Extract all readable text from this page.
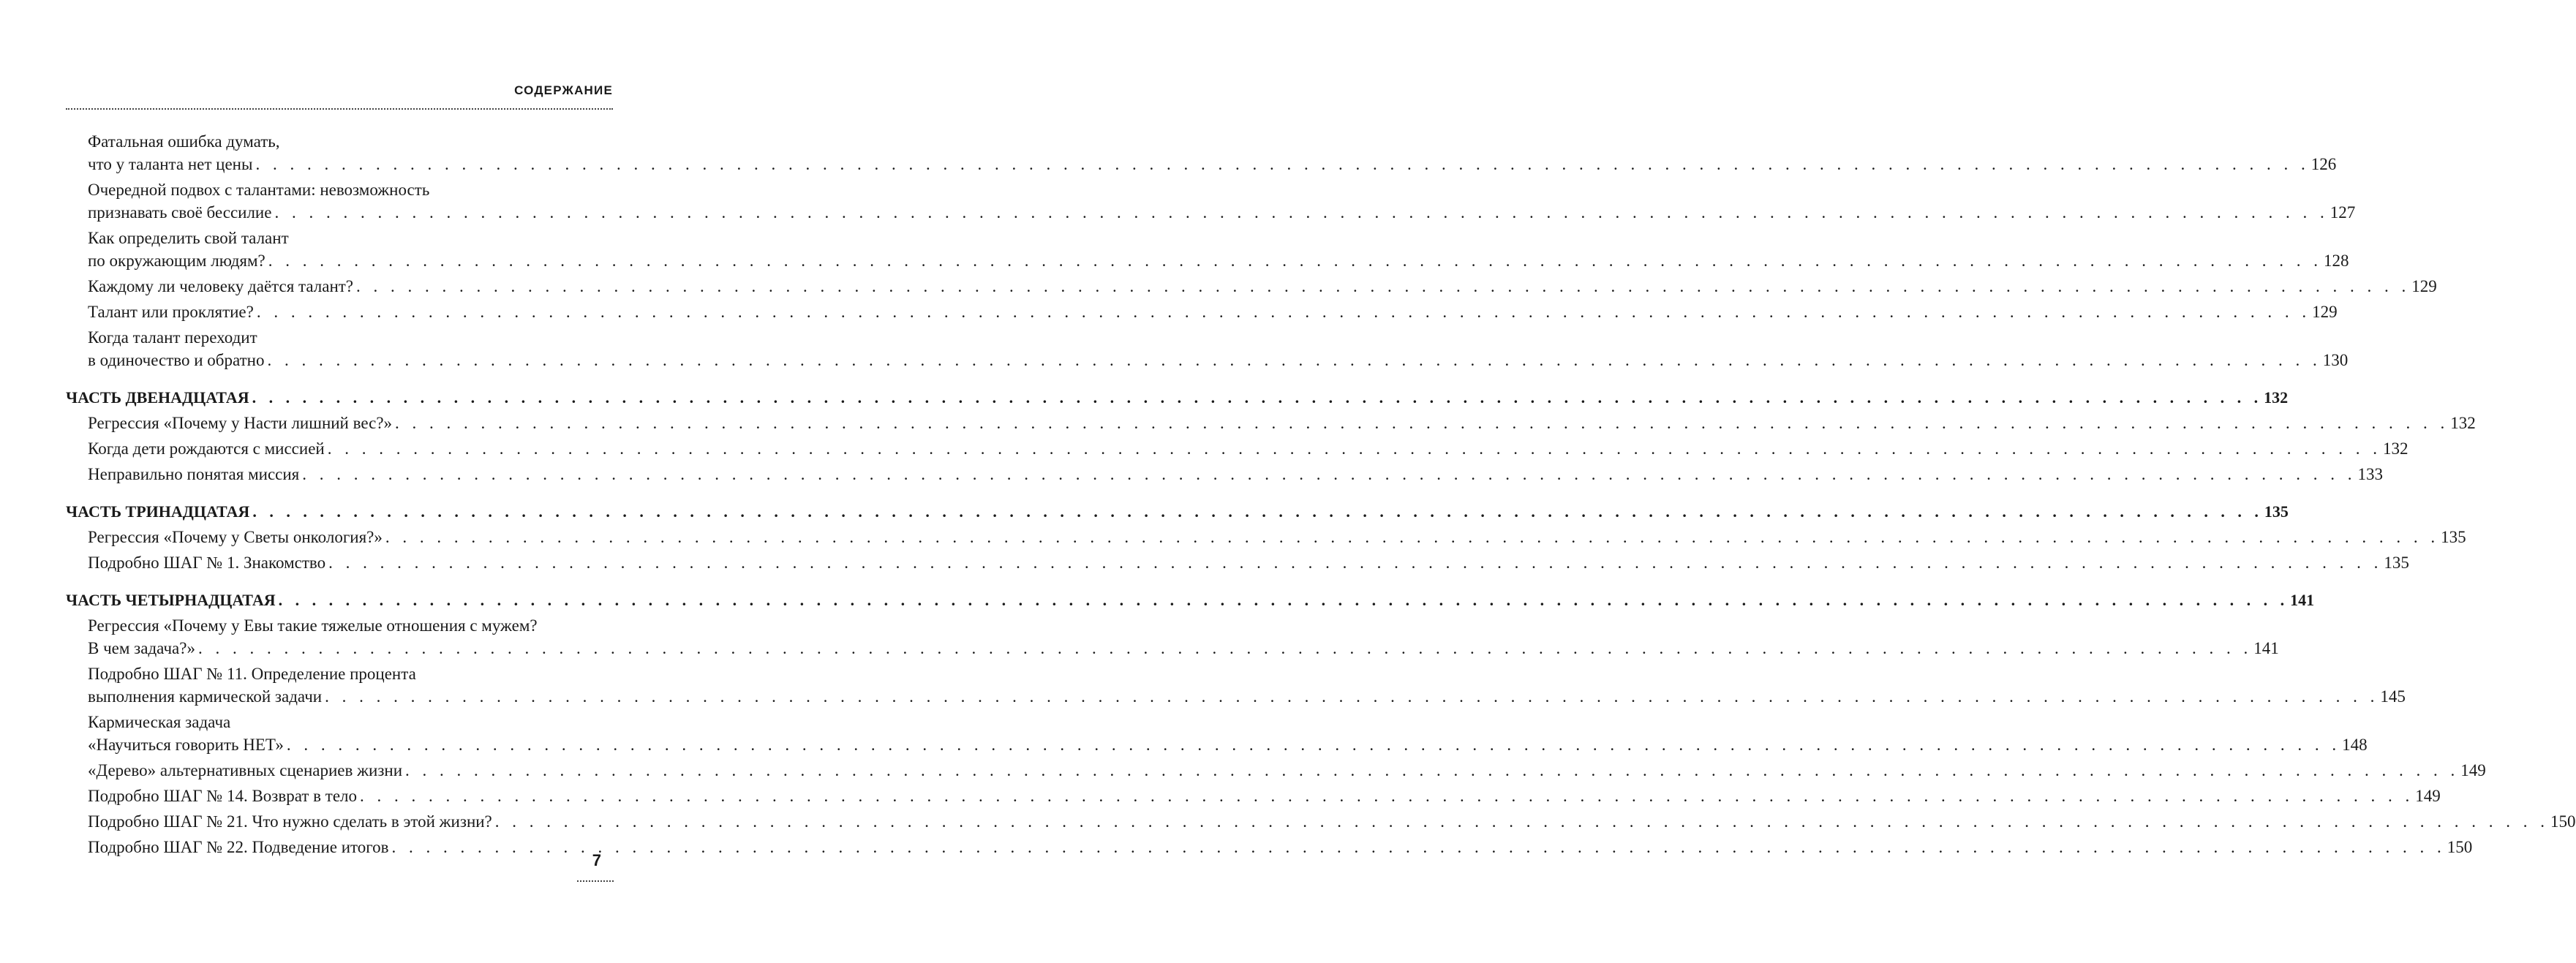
СОДЕРЖАНИЕ
Фатальная ошибка думать,
что у таланта нет цены . . . . . . . . . . . . . . . . . . . . . . . . . . . . . . . . . . . . . . . . . . . . . . . . . . . . . . . . . . . . . . . . . . . . . . . . . . . . . . . . . . . . . . . . . . . . . . . . . . . . . . . . . . . . . . . . . . . . . . . . 126
Очередной подвох с талантами: невозможность
признавать своё бессилие . . . . . . . . . . . . . . . . . . . . . . . . . . . . . . . . . . . . . . . . . . . . . . . . . . . . . . . . . . . . . . . . . . . . . . . . . . . . . . . . . . . . . . . . . . . . . . . . . . . . . . . . . . . . . . . . . . . . . . . . 127
Как определить свой талант
по окружающим людям? . . . . . . . . . . . . . . . . . . . . . . . . . . . . . . . . . . . . . . . . . . . . . . . . . . . . . . . . . . . . . . . . . . . . . . . . . . . . . . . . . . . . . . . . . . . . . . . . . . . . . . . . . . . . . . . . . . . . . . . . 128
Каждому ли человеку даётся талант? . . . . . . . . . . . . . . . . . . . . . . . . . . . . . . . . . . . . . . . . . . . . . . . . . . . . . . . . . . . . . . . . . . . . . . . . . . . . . . . . . . . . . . . . . . . . . . . . . . . . . . . . . . . . . . . . . . . . . . . . 129
Талант или проклятие? . . . . . . . . . . . . . . . . . . . . . . . . . . . . . . . . . . . . . . . . . . . . . . . . . . . . . . . . . . . . . . . . . . . . . . . . . . . . . . . . . . . . . . . . . . . . . . . . . . . . . . . . . . . . . . . . . . . . . . . . 129
Когда талант переходит
в одиночество и обратно . . . . . . . . . . . . . . . . . . . . . . . . . . . . . . . . . . . . . . . . . . . . . . . . . . . . . . . . . . . . . . . . . . . . . . . . . . . . . . . . . . . . . . . . . . . . . . . . . . . . . . . . . . . . . . . . . . . . . . . . 130
ЧАСТЬ ДВЕНАДЦАТАЯ . . . . . . . . . . . . . . . . . . . . . . . . . . . . . . . . . . . . . . . . . . . . . . . . . . . . . . . . . . . . . . . . . . . . . . . . . . . . . . . . . . . . . . . . . . . . . . . . . . . . . . . . . . . . . . . . . . . . . . . . 132
Регрессия «Почему у Насти лишний вес?» . . . . . . . . . . . . . . . . . . . . . . . . . . . . . . . . . . . . . . . . . . . . . . . . . . . . . . . . . . . . . . . . . . . . . . . . . . . . . . . . . . . . . . . . . . . . . . . . . . . . . . . . . . . . . . . . . . . . . . . . 132
Когда дети рождаются с миссией . . . . . . . . . . . . . . . . . . . . . . . . . . . . . . . . . . . . . . . . . . . . . . . . . . . . . . . . . . . . . . . . . . . . . . . . . . . . . . . . . . . . . . . . . . . . . . . . . . . . . . . . . . . . . . . . . . . . . . . . 132
Неправильно понятая миссия . . . . . . . . . . . . . . . . . . . . . . . . . . . . . . . . . . . . . . . . . . . . . . . . . . . . . . . . . . . . . . . . . . . . . . . . . . . . . . . . . . . . . . . . . . . . . . . . . . . . . . . . . . . . . . . . . . . . . . . . 133
ЧАСТЬ ТРИНАДЦАТАЯ . . . . . . . . . . . . . . . . . . . . . . . . . . . . . . . . . . . . . . . . . . . . . . . . . . . . . . . . . . . . . . . . . . . . . . . . . . . . . . . . . . . . . . . . . . . . . . . . . . . . . . . . . . . . . . . . . . . . . . . . 135
Регрессия «Почему у Светы онкология?» . . . . . . . . . . . . . . . . . . . . . . . . . . . . . . . . . . . . . . . . . . . . . . . . . . . . . . . . . . . . . . . . . . . . . . . . . . . . . . . . . . . . . . . . . . . . . . . . . . . . . . . . . . . . . . . . . . . . . . . . 135
Подробно ШАГ № 1. Знакомство . . . . . . . . . . . . . . . . . . . . . . . . . . . . . . . . . . . . . . . . . . . . . . . . . . . . . . . . . . . . . . . . . . . . . . . . . . . . . . . . . . . . . . . . . . . . . . . . . . . . . . . . . . . . . . . . . . . . . . . . 135
ЧАСТЬ ЧЕТЫРНАДЦАТАЯ . . . . . . . . . . . . . . . . . . . . . . . . . . . . . . . . . . . . . . . . . . . . . . . . . . . . . . . . . . . . . . . . . . . . . . . . . . . . . . . . . . . . . . . . . . . . . . . . . . . . . . . . . . . . . . . . . . . . . . . . 141
Регрессия «Почему у Евы такие тяжелые отношения с мужем?
В чем задача?» . . . . . . . . . . . . . . . . . . . . . . . . . . . . . . . . . . . . . . . . . . . . . . . . . . . . . . . . . . . . . . . . . . . . . . . . . . . . . . . . . . . . . . . . . . . . . . . . . . . . . . . . . . . . . . . . . . . . . . . . 141
Подробно ШАГ № 11. Определение процента
выполнения кармической задачи . . . . . . . . . . . . . . . . . . . . . . . . . . . . . . . . . . . . . . . . . . . . . . . . . . . . . . . . . . . . . . . . . . . . . . . . . . . . . . . . . . . . . . . . . . . . . . . . . . . . . . . . . . . . . . . . . . . . . . . . 145
Кармическая задача
«Научиться говорить НЕТ» . . . . . . . . . . . . . . . . . . . . . . . . . . . . . . . . . . . . . . . . . . . . . . . . . . . . . . . . . . . . . . . . . . . . . . . . . . . . . . . . . . . . . . . . . . . . . . . . . . . . . . . . . . . . . . . . . . . . . . . . 148
«Дерево» альтернативных сценариев жизни . . . . . . . . . . . . . . . . . . . . . . . . . . . . . . . . . . . . . . . . . . . . . . . . . . . . . . . . . . . . . . . . . . . . . . . . . . . . . . . . . . . . . . . . . . . . . . . . . . . . . . . . . . . . . . . . . . . . . . . . 149
Подробно ШАГ № 14. Возврат в тело . . . . . . . . . . . . . . . . . . . . . . . . . . . . . . . . . . . . . . . . . . . . . . . . . . . . . . . . . . . . . . . . . . . . . . . . . . . . . . . . . . . . . . . . . . . . . . . . . . . . . . . . . . . . . . . . . . . . . . . . 149
Подробно ШАГ № 21. Что нужно сделать в этой жизни? . . . . . . . . . . . . . . . . . . . . . . . . . . . . . . . . . . . . . . . . . . . . . . . . . . . . . . . . . . . . . . . . . . . . . . . . . . . . . . . . . . . . . . . . . . . . . . . . . . . . . . . . . . . . . . . . . . . . . . . . 150
Подробно ШАГ № 22. Подведение итогов . . . . . . . . . . . . . . . . . . . . . . . . . . . . . . . . . . . . . . . . . . . . . . . . . . . . . . . . . . . . . . . . . . . . . . . . . . . . . . . . . . . . . . . . . . . . . . . . . . . . . . . . . . . . . . . . . . . . . . . . 150
7
